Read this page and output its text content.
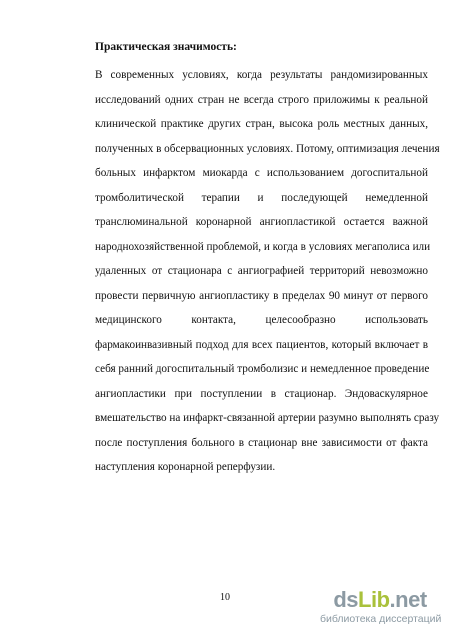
Практическая значимость:
В современных условиях, когда результаты рандомизированных
исследований одних стран не всегда строго приложимы к реальной
клинической практике других стран, высока роль местных данных,
полученных в обсервационных условиях. Потому, оптимизация лечения
больных инфарктом миокарда с использованием догоспитальной
тромболитической терапии и последующей немедленной
транслюминальной коронарной ангиопластикой остается важной
народнохозяйственной проблемой, и когда в условиях мегаполиса или
удаленных от стационара с ангиографией территорий невозможно
провести первичную ангиопластику в пределах 90 минут от первого
медицинского контакта, целесообразно использовать
фармакоинвазивный подход для всех пациентов, который включает в
себя ранний догоспитальный тромболизис и немедленное проведение
ангиопластики при поступлении в стационар. Эндоваскулярное
вмешательство на инфаркт-связанной артерии разумно выполнять сразу
после поступления больного в стационар вне зависимости от факта
наступления коронарной реперфузии.
10	dsLib.net
библиотека диссертаций
